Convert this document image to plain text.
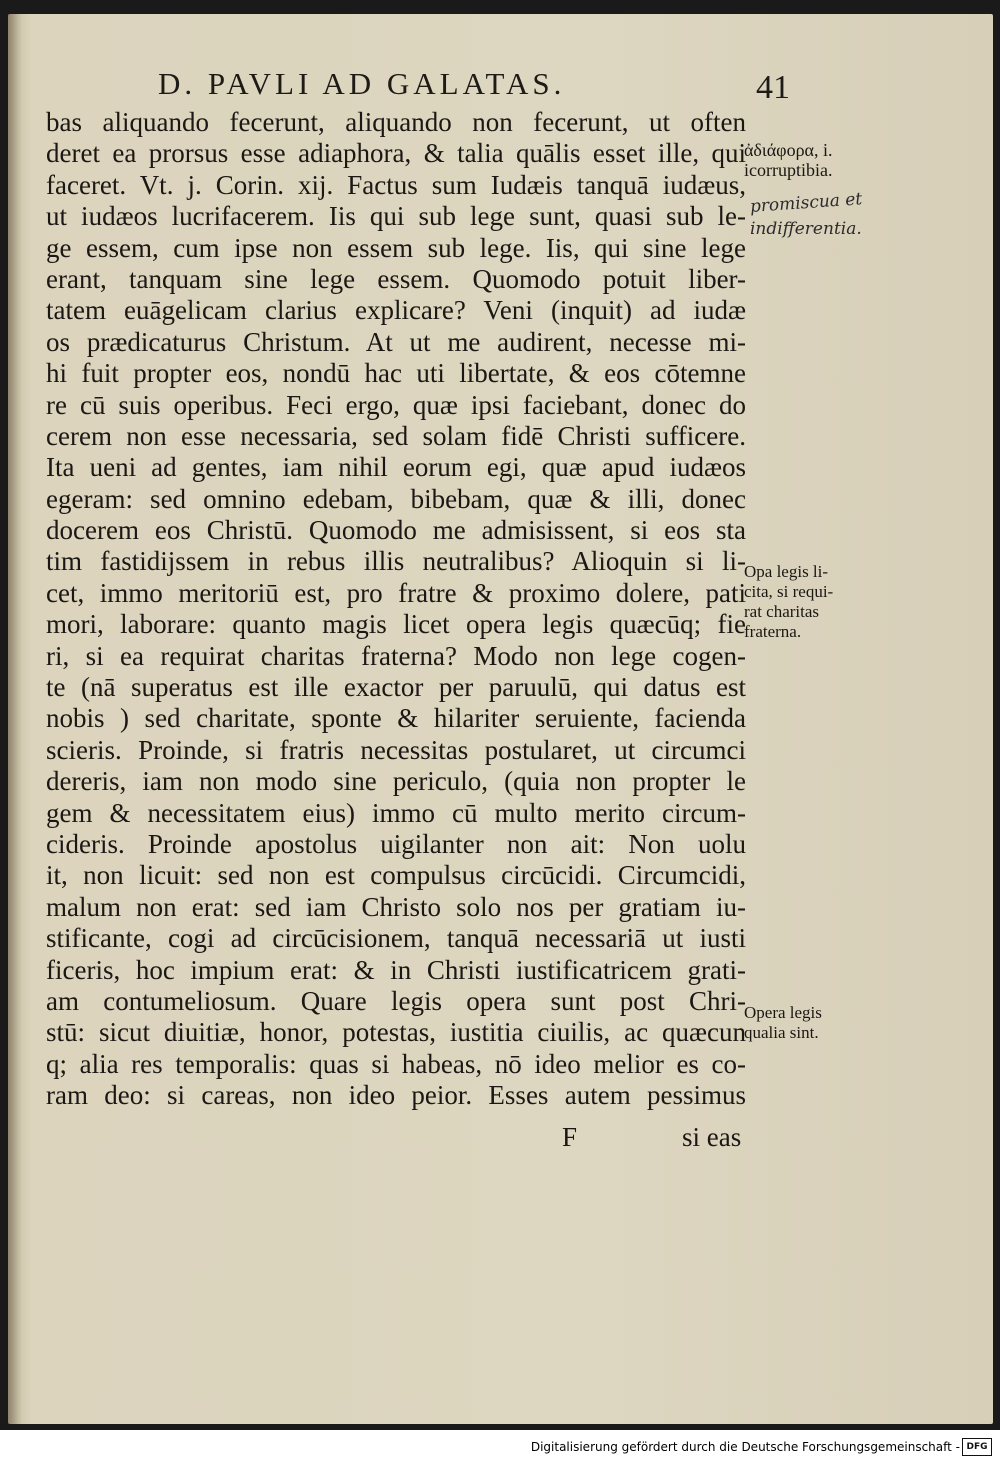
D. PAVLI AD GALATAS.	41
bas aliquando fecerunt, aliquando non fecerunt, ut often
deret ea prorsus esse adiaphora, & talia quālis esset ille, qui
faceret. Vt. j. Corin. xij. Factus sum Iudæis tanquā iudæus,
ut iudæos lucrifacerem. Iis qui sub lege sunt, quasi sub le-
ge essem, cum ipse non essem sub lege. Iis, qui sine lege
erant, tanquam sine lege essem. Quomodo potuit liber-
tatem euāgelicam clarius explicare? Veni (inquit) ad iudæ
os prædicaturus Christum. At ut me audirent, necesse mi-
hi fuit propter eos, nondū hac uti libertate, & eos cōtemne
re cū suis operibus. Feci ergo, quæ ipsi faciebant, donec do
cerem non esse necessaria, sed solam fidē Christi sufficere.
Ita ueni ad gentes, iam nihil eorum egi, quæ apud iudæos
egeram: sed omnino edebam, bibebam, quæ & illi, donec
docerem eos Christū. Quomodo me admisissent, si eos sta
tim fastidijssem in rebus illis neutralibus? Alioquin si li-
cet, immo meritoriū est, pro fratre & proximo dolere, pati
mori, laborare: quanto magis licet opera legis quæcūq; fie
ri, si ea requirat charitas fraterna? Modo non lege cogen-
te (nā superatus est ille exactor per paruulū, qui datus est
nobis ) sed charitate, sponte & hilariter seruiente, facienda
scieris. Proinde, si fratris necessitas postularet, ut circumci
dereris, iam non modo sine periculo, (quia non propter le
gem & necessitatem eius) immo cū multo merito circum-
cideris. Proinde apostolus uigilanter non ait: Non uolu
it, non licuit: sed non est compulsus circūcidi. Circumcidi,
malum non erat: sed iam Christo solo nos per gratiam iu-
stificante, cogi ad circūcisionem, tanquā necessariā ut iusti
ficeris, hoc impium erat: & in Christi iustificatricem grati-
am contumeliosum. Quare legis opera sunt post Chri-
stū: sicut diuitiæ, honor, potestas, iustitia ciuilis, ac quæcun
q; alia res temporalis: quas si habeas, nō ideo melior es co-
ram deo: si careas, non ideo peior. Esses autem pessimus
F	si eas
ἀδιάφορα, i.
icorruptibia.
promiscua et
indifferentia.
Opa legis li-
cita, si requi-
rat charitas
fraterna.
Opera legis
qualia sint.
Digitalisierung gefördert durch die Deutsche Forschungsgemeinschaft - DFG
